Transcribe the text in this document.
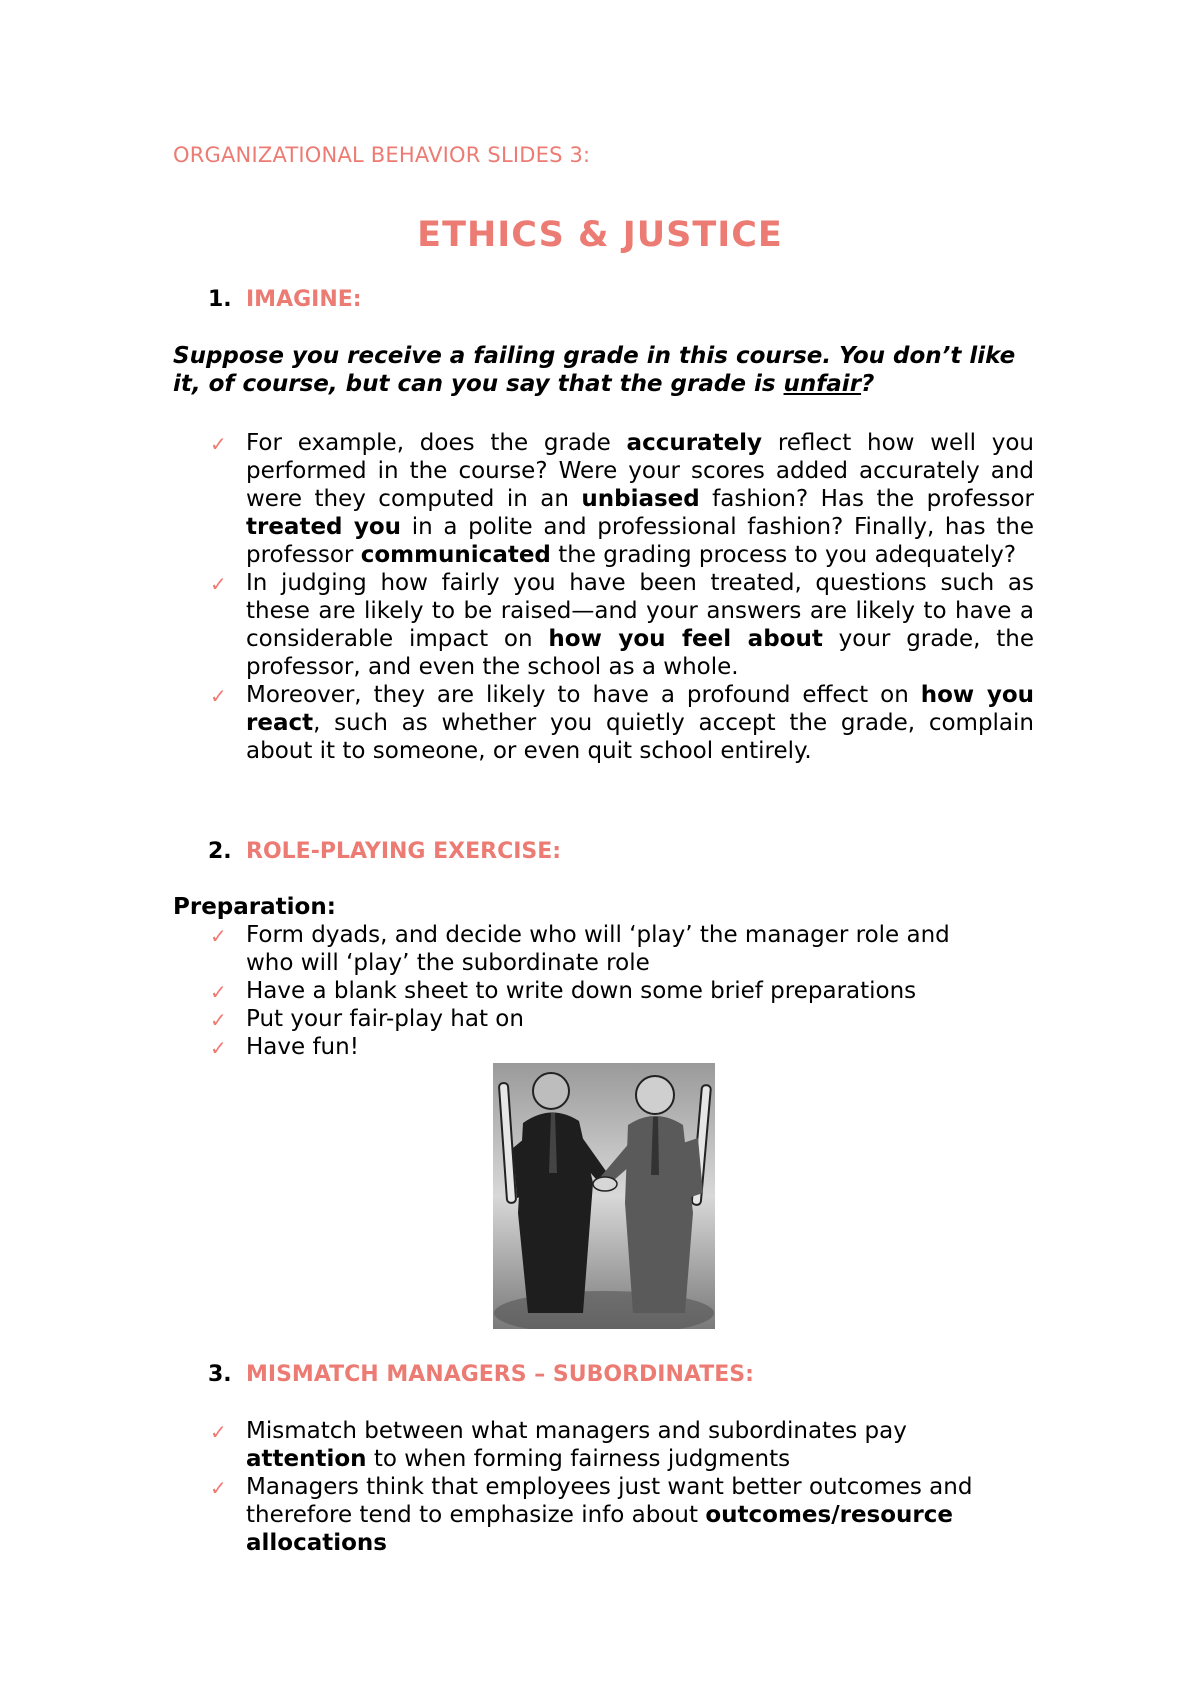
ORGANIZATIONAL BEHAVIOR SLIDES 3:
ETHICS & JUSTICE
1. IMAGINE:
Suppose you receive a failing grade in this course. You don’t like it, of course, but can you say that the grade is unfair?
✓ For example, does the grade accurately reflect how well you performed in the course? Were your scores added accurately and were they computed in an unbiased fashion? Has the professor treated you in a polite and professional fashion? Finally, has the professor communicated the grading process to you adequately?
✓ In judging how fairly you have been treated, questions such as these are likely to be raised—and your answers are likely to have a considerable impact on how you feel about your grade, the professor, and even the school as a whole.
✓ Moreover, they are likely to have a profound effect on how you react, such as whether you quietly accept the grade, complain about it to someone, or even quit school entirely.
2. ROLE-PLAYING EXERCISE:
Preparation:
✓ Form dyads, and decide who will ‘play’ the manager role and who will ‘play’ the subordinate role
✓ Have a blank sheet to write down some brief preparations
✓ Put your fair-play hat on
✓ Have fun!
3. MISMATCH MANAGERS – SUBORDINATES:
✓ Mismatch between what managers and subordinates pay attention to when forming fairness judgments
✓ Managers think that employees just want better outcomes and therefore tend to emphasize info about outcomes/resource allocations
